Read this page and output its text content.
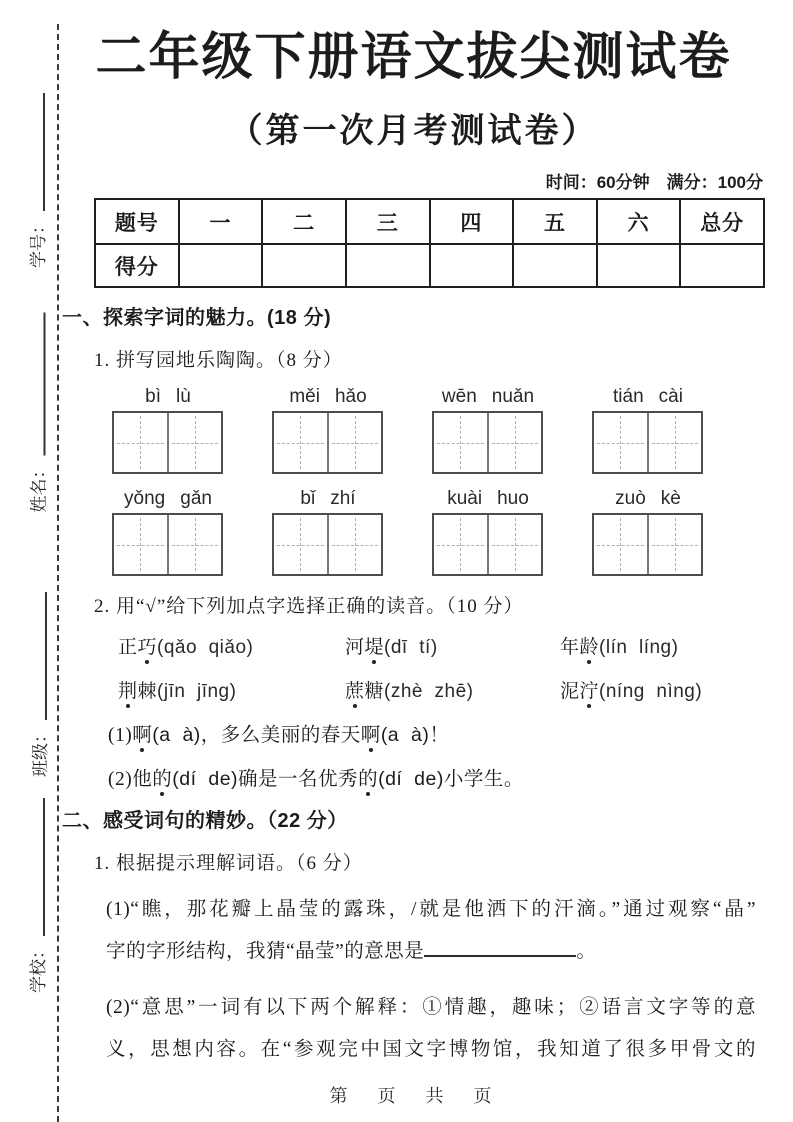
学号：
姓名：
班级：
学校：
二年级下册语文拔尖测试卷
（第一次月考测试卷）
时间：60分钟　满分：100分
题号	一	二	三	四	五	六	总分
得分							
一、探索字词的魅力。(18 分)
1. 拼写园地乐陶陶。（8 分）
bì lù	měi hǎo	wēn nuǎn	tián cài
yǒng gǎn	bǐ zhí	kuài huo	zuò kè
2. 用“√”给下列加点字选择正确的读音。（10 分）
正巧(qǎo  qiǎo)	河堤(dī  tí)	年龄(lín  líng)
荆棘(jīn  jīng)	蔗糖(zhè  zhē)	泥泞(níng  nìng)
(1)啊(a  à)，多么美丽的春天啊(a  à)！
(2)他的(dí  de)确是一名优秀的(dí  de)小学生。
二、感受词句的精妙。（22 分）
1. 根据提示理解词语。（6 分）
(1)“瞧，那花瓣上晶莹的露珠，/就是他洒下的汗滴。”通过观察“晶”
字的字形结构，我猜“晶莹”的意思是	。
(2)“意思”一词有以下两个解释：①情趣，趣味；②语言文字等的意
义，思想内容。在“参观完中国文字博物馆，我知道了很多甲骨文的
第　页　共　页
